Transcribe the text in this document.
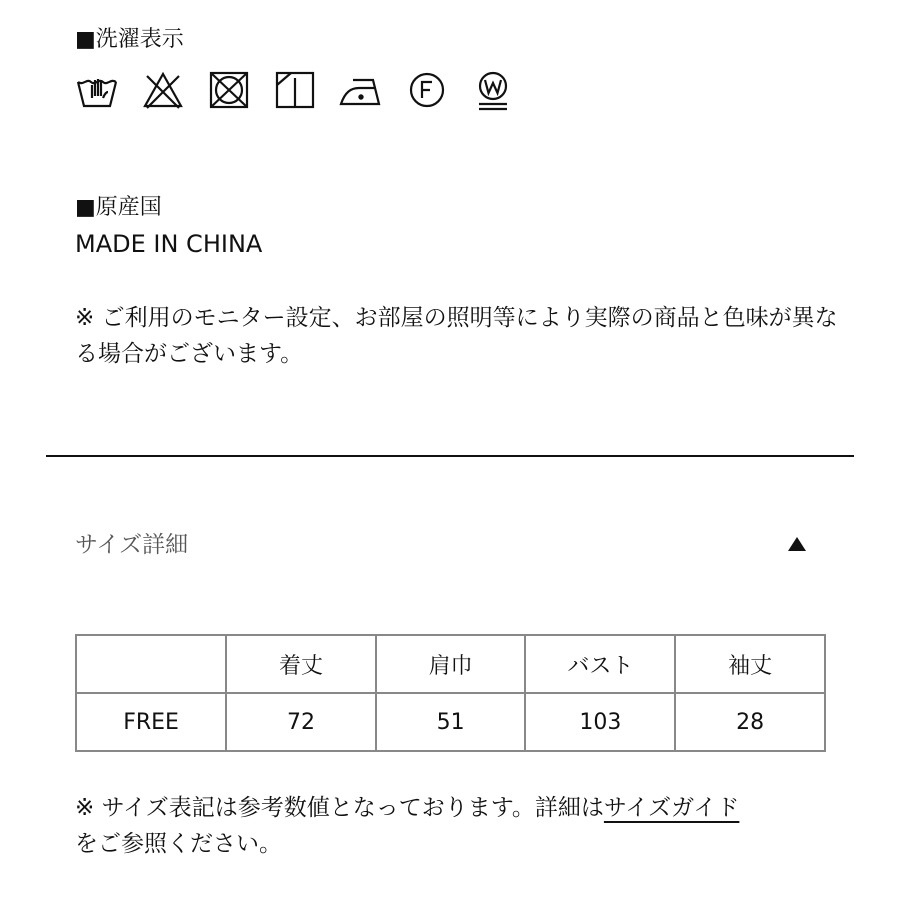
■洗濯表示
■原産国
MADE IN CHINA
※ ご利用のモニター設定、お部屋の照明等により実際の商品と色味が異なる場合がございます。
サイズ詳細
	着丈	肩巾	バスト	袖丈
FREE	72	51	103	28
※ サイズ表記は参考数値となっております。詳細はサイズガイド
をご参照ください。
